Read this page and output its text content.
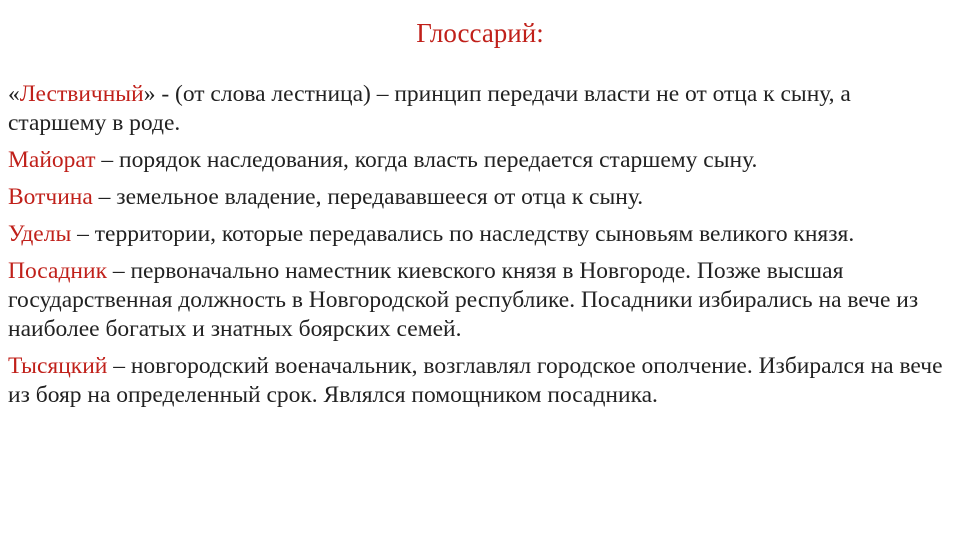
Глоссарий:

«Лествичный» - (от слова лестница) – принцип передачи власти не от отца к сыну, а старшему в роде.

Майорат – порядок наследования, когда власть передается старшему сыну.

Вотчина – земельное владение, передававшееся от отца к сыну.

Уделы – территории, которые передавались по наследству сыновьям великого князя.

Посадник – первоначально наместник киевского князя в Новгороде. Позже высшая государственная должность в Новгородской республике. Посадники избирались на вече из наиболее богатых и знатных боярских семей.

Тысяцкий – новгородский военачальник, возглавлял городское ополчение. Избирался на вече из бояр на определенный срок. Являлся помощником посадника.
